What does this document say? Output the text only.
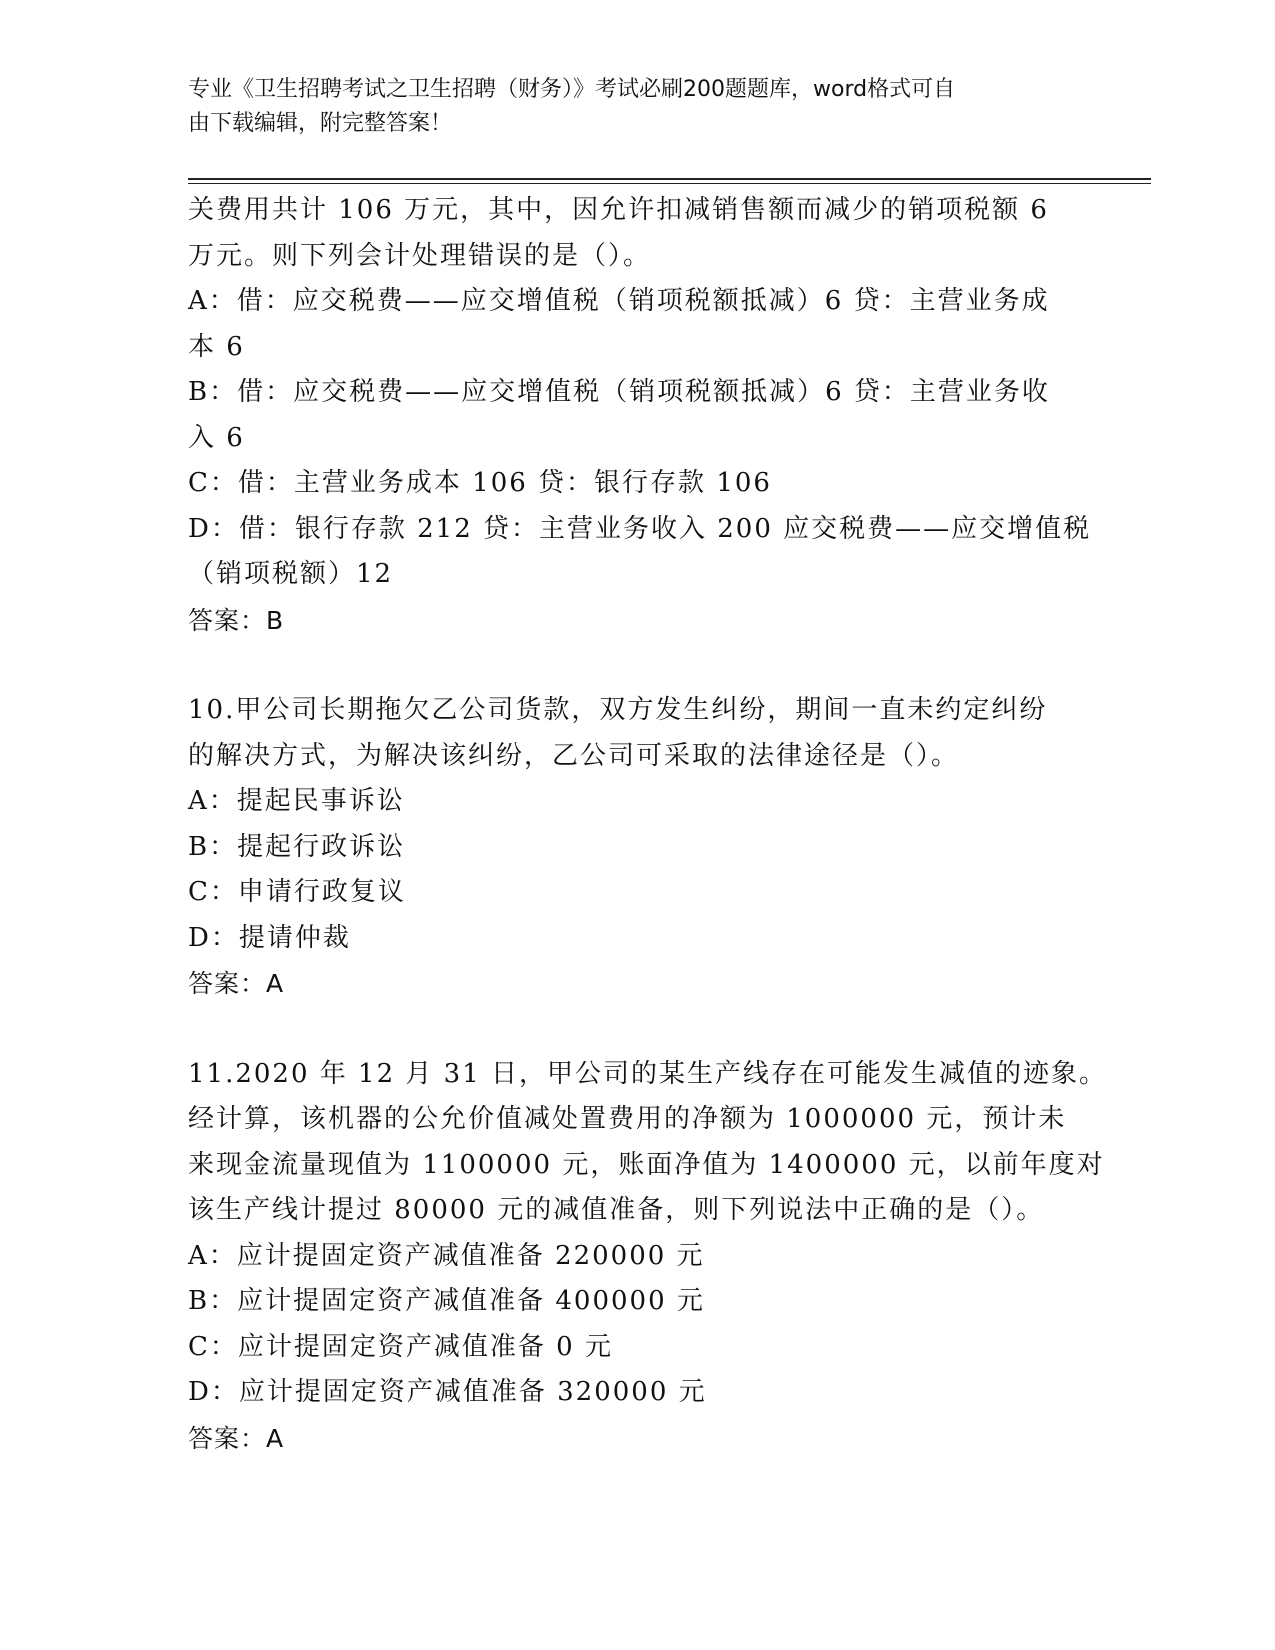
专业《卫生招聘考试之卫生招聘（财务）》考试必刷200题题库，word格式可自

由下载编辑，附完整答案！

关费用共计 106 万元，其中，因允许扣减销售额而减少的销项税额 6

万元。则下列会计处理错误的是（）。

A：借：应交税费——应交增值税（销项税额抵减）6 贷：主营业务成

本 6

B：借：应交税费——应交增值税（销项税额抵减）6 贷：主营业务收

入 6

C：借：主营业务成本 106 贷：银行存款 106

D：借：银行存款 212 贷：主营业务收入 200 应交税费——应交增值税

（销项税额）12

答案：B

10.甲公司长期拖欠乙公司货款，双方发生纠纷，期间一直未约定纠纷

的解决方式，为解决该纠纷，乙公司可采取的法律途径是（）。

A：提起民事诉讼

B：提起行政诉讼

C：申请行政复议

D：提请仲裁

答案：A

11.2020 年 12 月 31 日，甲公司的某生产线存在可能发生减值的迹象。

经计算，该机器的公允价值减处置费用的净额为 1000000 元，预计未

来现金流量现值为 1100000 元，账面净值为 1400000 元，以前年度对

该生产线计提过 80000 元的减值准备，则下列说法中正确的是（）。

A：应计提固定资产减值准备 220000 元

B：应计提固定资产减值准备 400000 元

C：应计提固定资产减值准备 0 元

D：应计提固定资产减值准备 320000 元

答案：A
